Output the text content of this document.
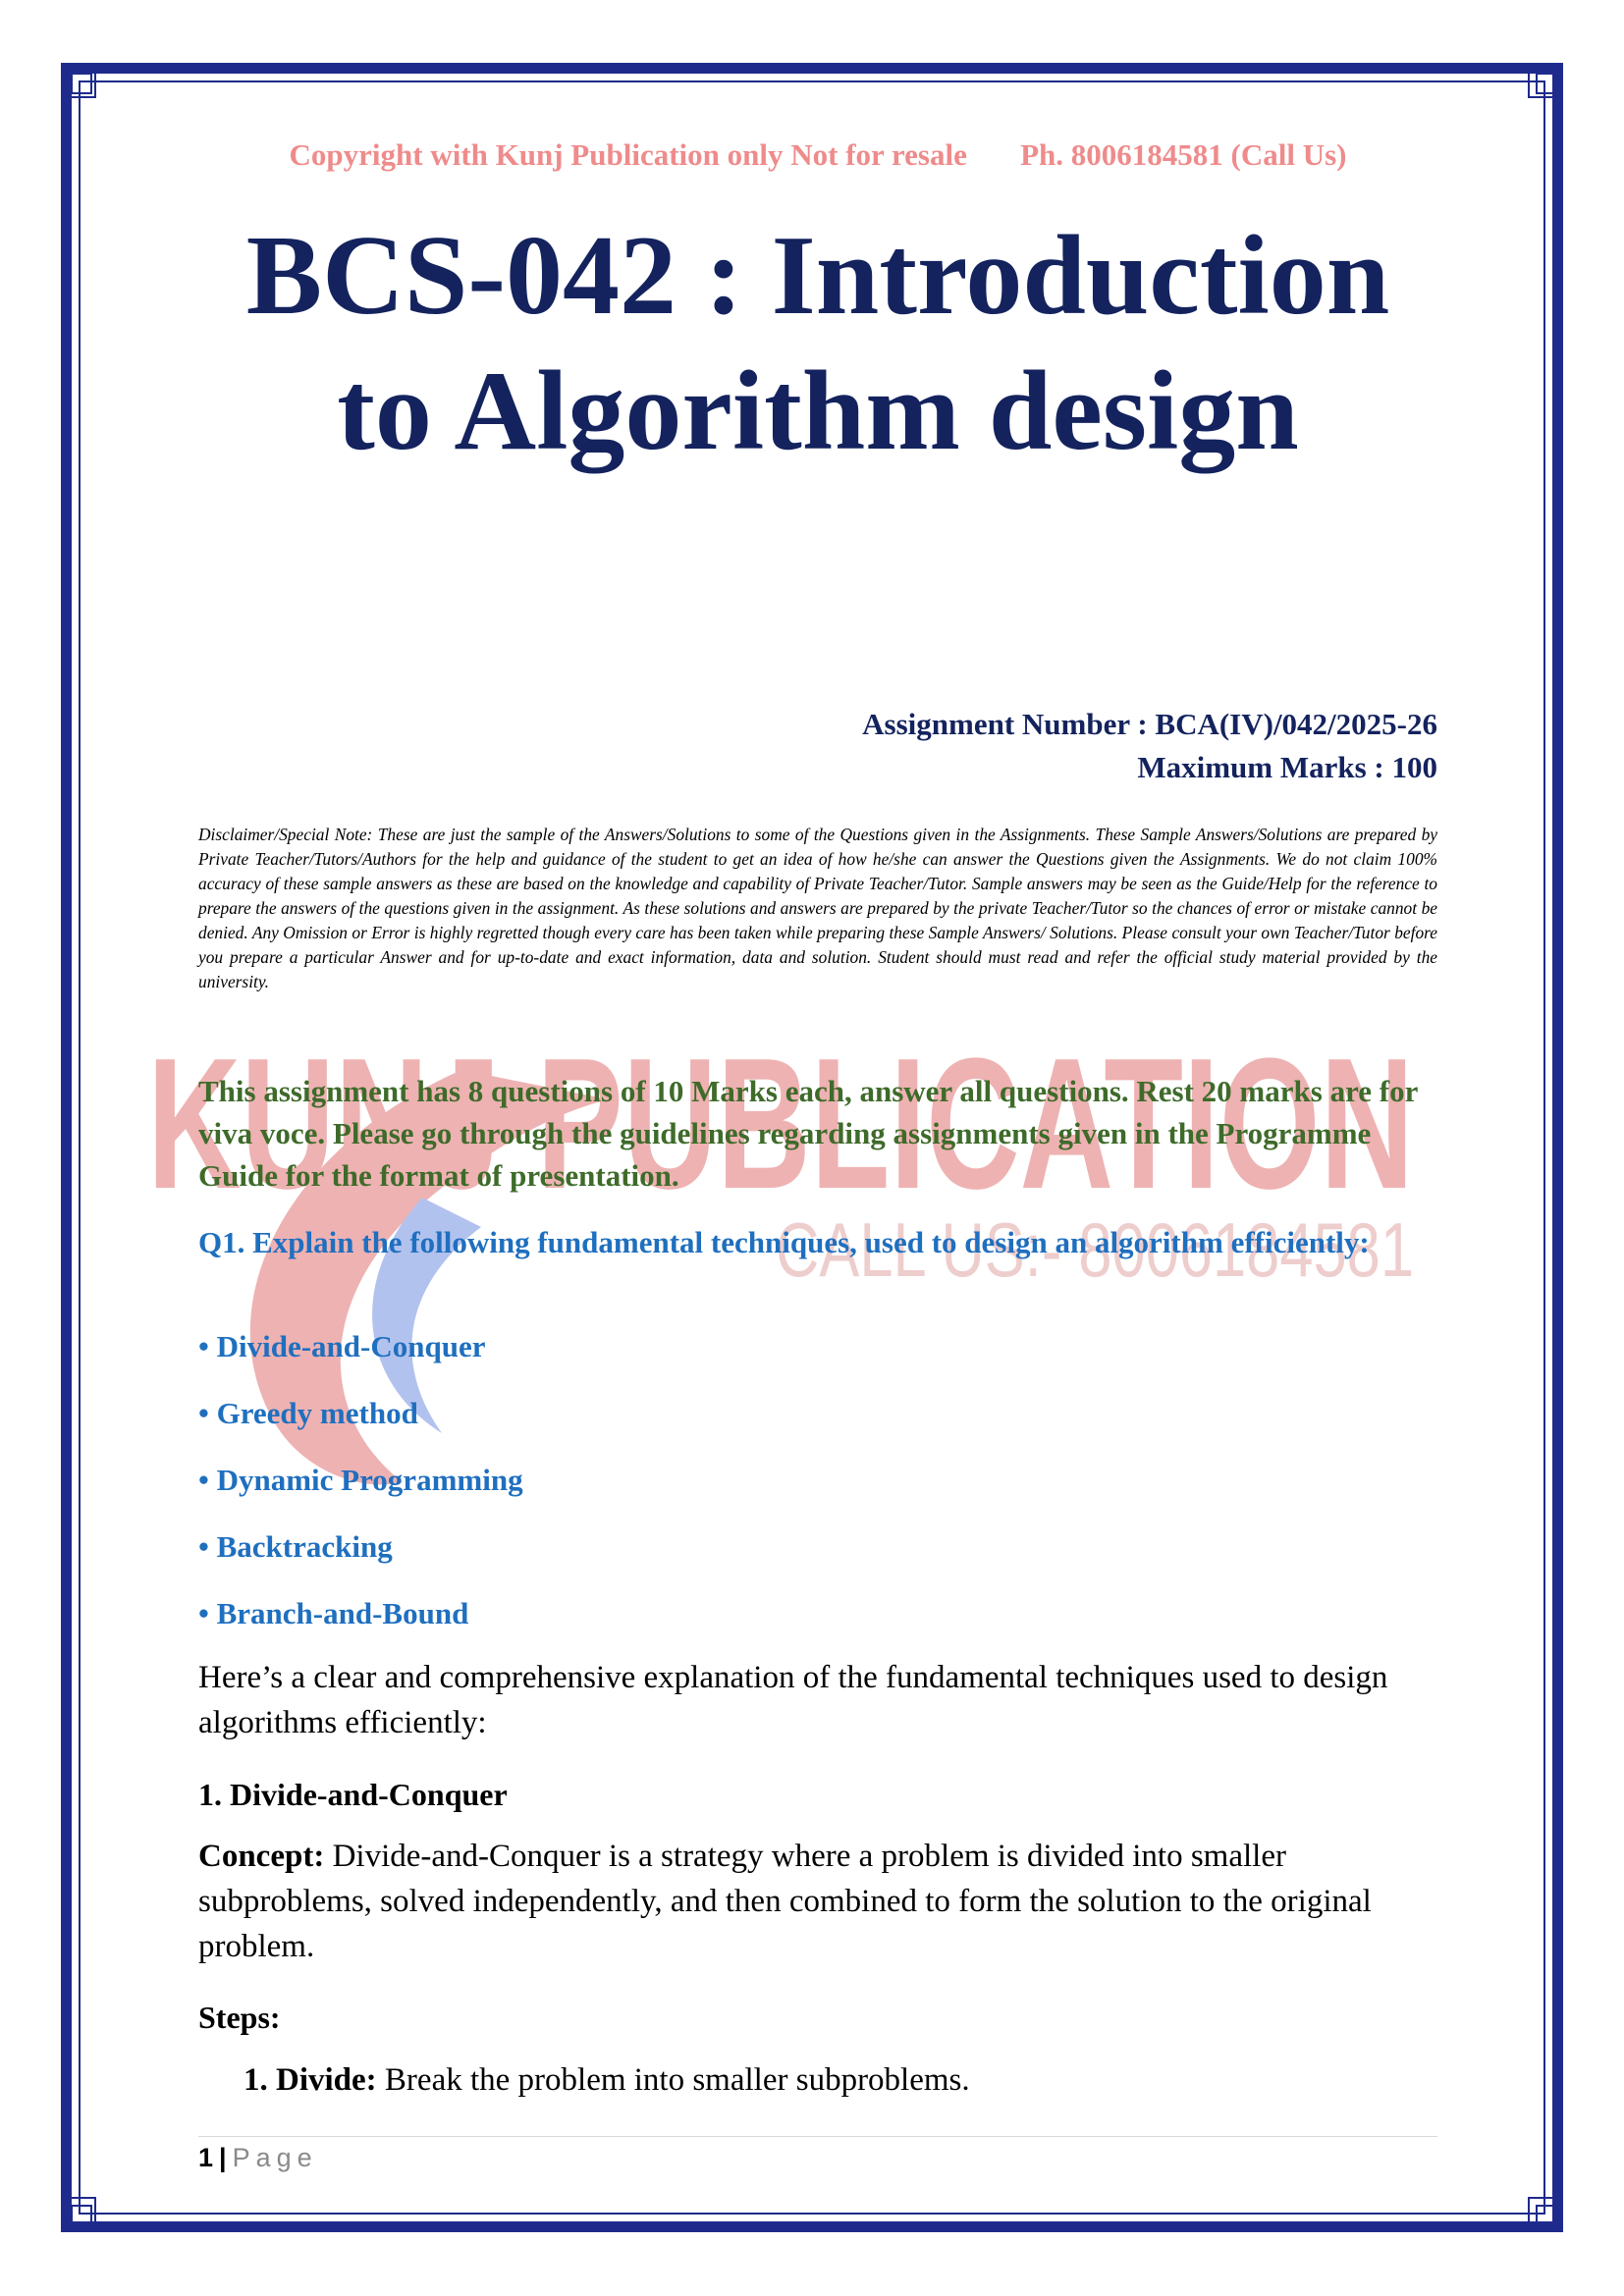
KUNJ PUBLICATION
CALL US:- 8006184581
Copyright with Kunj Publication only Not for resale Ph. 8006184581 (Call Us)
BCS-042 : Introduction
to Algorithm design
Assignment Number : BCA(IV)/042/2025-26
Maximum Marks : 100
Disclaimer/Special Note: These are just the sample of the Answers/Solutions to some of the Questions given in the Assignments. These Sample Answers/Solutions are prepared by Private Teacher/Tutors/Authors for the help and guidance of the student to get an idea of how he/she can answer the Questions given the Assignments. We do not claim 100% accuracy of these sample answers as these are based on the knowledge and capability of Private Teacher/Tutor. Sample answers may be seen as the Guide/Help for the reference to prepare the answers of the questions given in the assignment. As these solutions and answers are prepared by the private Teacher/Tutor so the chances of error or mistake cannot be denied. Any Omission or Error is highly regretted though every care has been taken while preparing these Sample Answers/ Solutions. Please consult your own Teacher/Tutor before you prepare a particular Answer and for up-to-date and exact information, data and solution. Student should must read and refer the official study material provided by the university.
This assignment has 8 questions of 10 Marks each, answer all questions. Rest 20 marks are for viva voce. Please go through the guidelines regarding assignments given in the Programme Guide for the format of presentation.
Q1. Explain the following fundamental techniques, used to design an algorithm efficiently:
• Divide-and-Conquer
• Greedy method
• Dynamic Programming
• Backtracking
• Branch-and-Bound
Here’s a clear and comprehensive explanation of the fundamental techniques used to design algorithms efficiently:
1. Divide-and-Conquer
Concept: Divide-and-Conquer is a strategy where a problem is divided into smaller subproblems, solved independently, and then combined to form the solution to the original problem.
Steps:
1. Divide: Break the problem into smaller subproblems.
1 | Page
